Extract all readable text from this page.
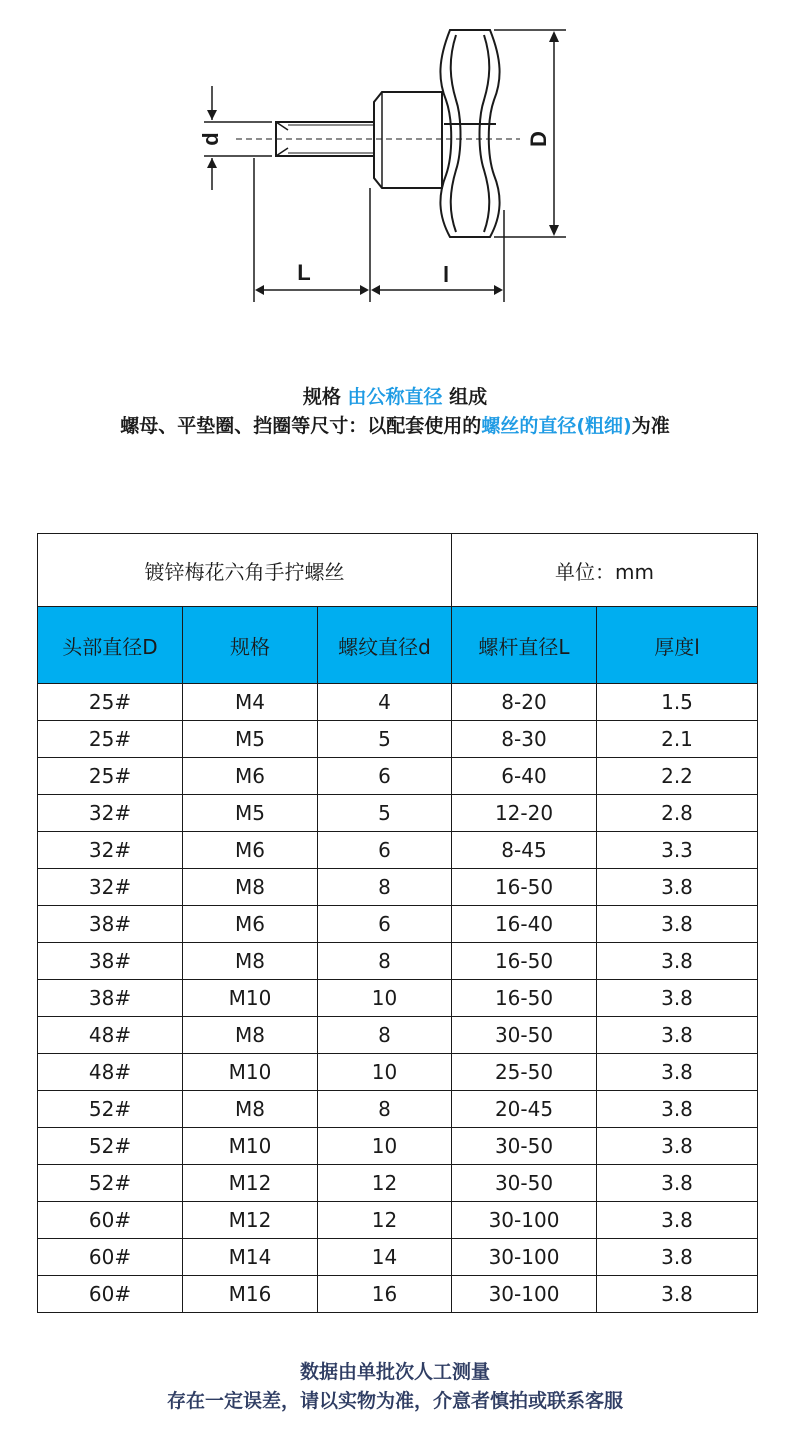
d	D
L	l
规格 由公称直径 组成
螺母、平垫圈、挡圈等尺寸：以配套使用的螺丝的直径(粗细)为准
镀锌梅花六角手拧螺丝			单位：mm	
头部直径D	规格	螺纹直径d	螺杆直径L	厚度l
25#	M4	4	8-20	1.5
25#	M5	5	8-30	2.1
25#	M6	6	6-40	2.2
32#	M5	5	12-20	2.8
32#	M6	6	8-45	3.3
32#	M8	8	16-50	3.8
38#	M6	6	16-40	3.8
38#	M8	8	16-50	3.8
38#	M10	10	16-50	3.8
48#	M8	8	30-50	3.8
48#	M10	10	25-50	3.8
52#	M8	8	20-45	3.8
52#	M10	10	30-50	3.8
52#	M12	12	30-50	3.8
60#	M12	12	30-100	3.8
60#	M14	14	30-100	3.8
60#	M16	16	30-100	3.8
数据由单批次人工测量
存在一定误差，请以实物为准，介意者慎拍或联系客服
